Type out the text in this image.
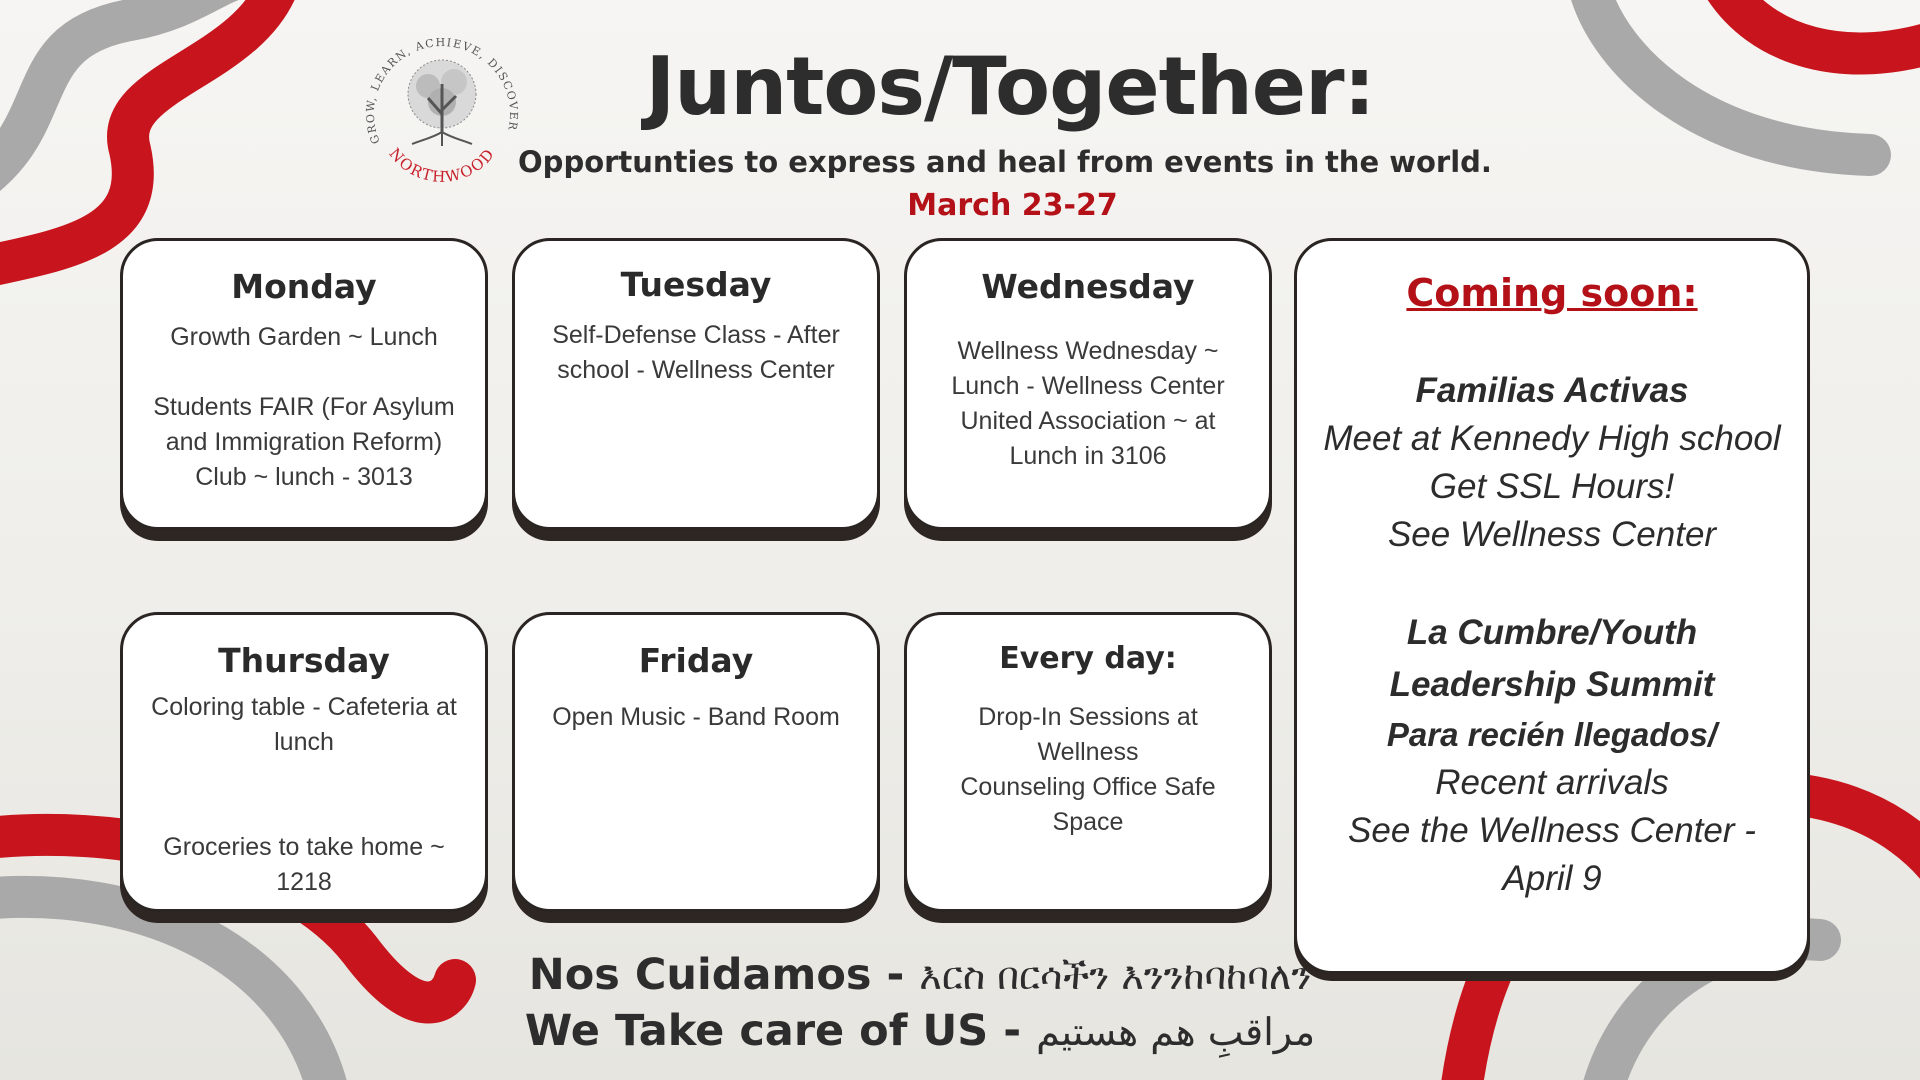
GROW, LEARN, ACHIEVE, DISCOVER
NORTHWOOD
Juntos/Together:
Opportunties to express and heal from events in the world.
March 23-27
Monday
Growth Garden ~ Lunch

Students FAIR (For Asylum and Immigration Reform) Club ~ lunch - 3013
Tuesday
Self-Defense Class - After school - Wellness Center
Wednesday
Wellness Wednesday ~ Lunch - Wellness Center
United Association ~ at Lunch in 3106
Thursday
Coloring table - Cafeteria at lunch

Groceries to take home ~ 1218
Friday
Open Music - Band Room
Every day:
Drop-In Sessions at Wellness
Counseling Office Safe Space
Coming soon:
Familias Activas
Meet at Kennedy High school
Get SSL Hours!
See Wellness Center
La Cumbre/Youth Leadership Summit
Para recién llegados/
Recent arrivals
See the Wellness Center - April 9
Nos Cuidamos - እርስ በርሳችን እንንከባከባለን
We Take care of US - مراقبِ هم هستیم
